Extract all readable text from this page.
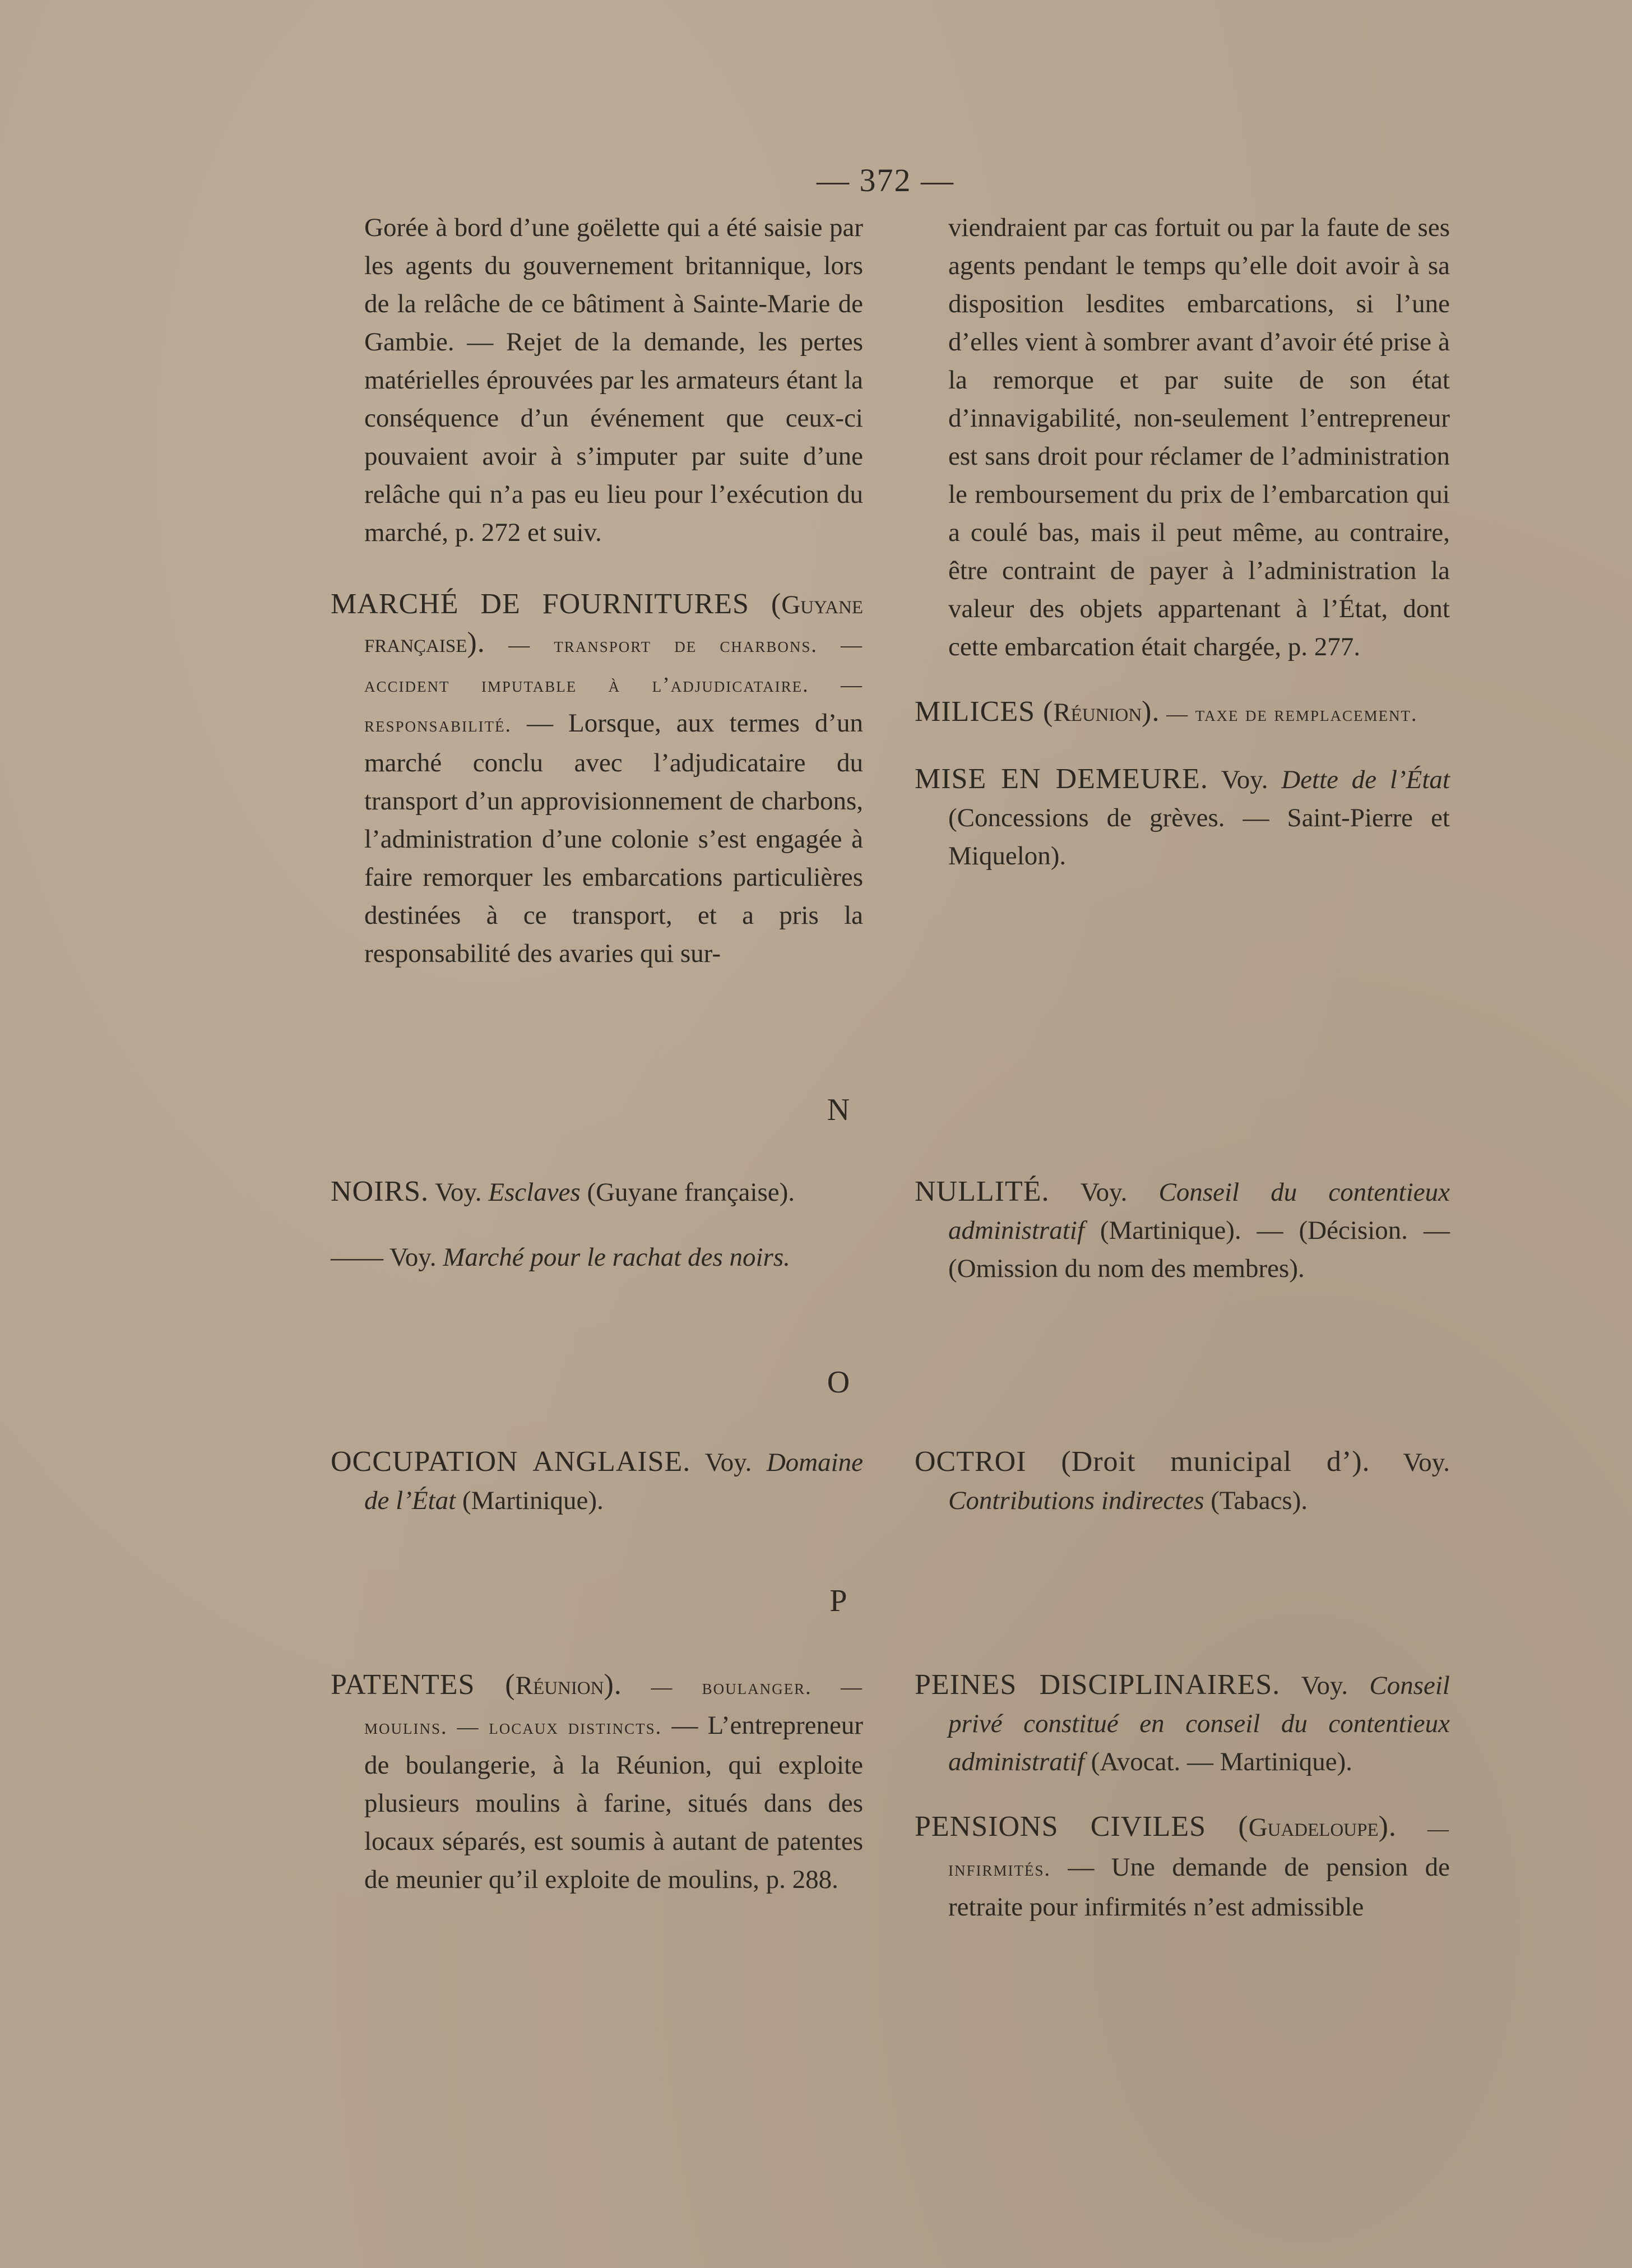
— 372 —

Gorée à bord d’une goëlette qui a été saisie par les agents du gouvernement britannique, lors de la relâche de ce bâtiment à Sainte-Marie de Gambie. — Rejet de la demande, les pertes matérielles éprouvées par les armateurs étant la conséquence d’un événement que ceux-ci pouvaient avoir à s’imputer par suite d’une relâche qui n’a pas eu lieu pour l’exécution du marché, p. 272 et suiv.

MARCHÉ DE FOURNITURES (Guyane française). — transport de charbons. — accident imputable à l’adjudicataire. — responsabilité. — Lorsque, aux termes d’un marché conclu avec l’adjudicataire du transport d’un approvisionnement de charbons, l’administration d’une colonie s’est engagée à faire remorquer les embarcations particulières destinées à ce transport, et a pris la responsabilité des avaries qui sur-

viendraient par cas fortuit ou par la faute de ses agents pendant le temps qu’elle doit avoir à sa disposition lesdites embarcations, si l’une d’elles vient à sombrer avant d’avoir été prise à la remorque et par suite de son état d’innavigabilité, non-seulement l’entrepreneur est sans droit pour réclamer de l’administration le remboursement du prix de l’embarcation qui a coulé bas, mais il peut même, au contraire, être contraint de payer à l’administration la valeur des objets appartenant à l’État, dont cette embarcation était chargée, p. 277.

MILICES (Réunion). — taxe de remplacement.

MISE EN DEMEURE. Voy. Dette de l’État (Concessions de grèves. — Saint-Pierre et Miquelon).

N

NOIRS. Voy. Esclaves (Guyane française).

—— Voy. Marché pour le rachat des noirs.

NULLITÉ. Voy. Conseil du contentieux administratif (Martinique). — (Décision. — (Omission du nom des membres).

O

OCCUPATION ANGLAISE. Voy. Domaine de l’État (Martinique).

OCTROI (Droit municipal d’). Voy. Contributions indirectes (Tabacs).

P

PATENTES (Réunion). — boulanger. — moulins. — locaux distincts. — L’entrepreneur de boulangerie, à la Réunion, qui exploite plusieurs moulins à farine, situés dans des locaux séparés, est soumis à autant de patentes de meunier qu’il exploite de moulins, p. 288.

PEINES DISCIPLINAIRES. Voy. Conseil privé constitué en conseil du contentieux administratif (Avocat. — Martinique).

PENSIONS CIVILES (Guadeloupe). — infirmités. — Une demande de pension de retraite pour infirmités n’est admissible
